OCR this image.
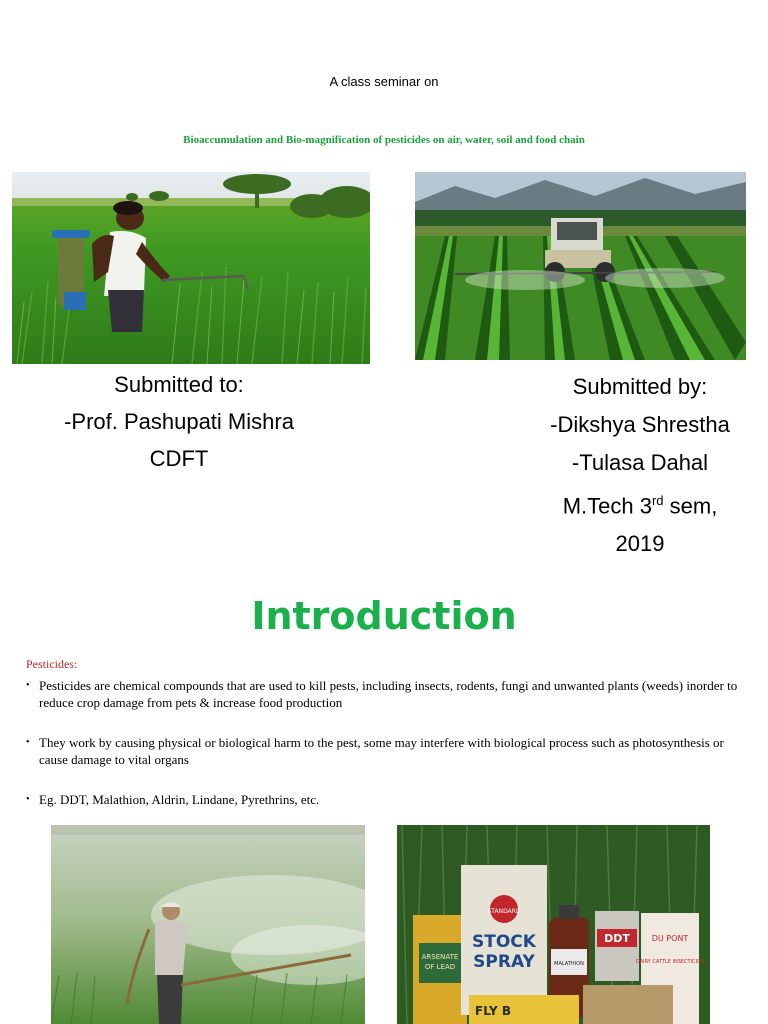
A class seminar on
Bioaccumulation and Bio-magnification of pesticides on air, water, soil and food chain
Submitted to:
-Prof. Pashupati Mishra
CDFT
Submitted by:
-Dikshya Shrestha
-Tulasa Dahal
M.Tech 3rd sem,
2019
Introduction
Pesticides:

• Pesticides are chemical compounds that are used to kill pests, including insects, rodents, fungi and unwanted plants (weeds) inorder to reduce crop damage from pets & increase food production

• They work by causing physical or biological harm to the pest, some may interfere with biological process such as photosynthesis or cause damage to vital organs

• Eg. DDT, Malathion, Aldrin, Lindane, Pyrethrins, etc.

ARSENATE
OF LEAD
STANDARD
STOCK
SPRAY	MALATHION
DDT	DU PONT
DAIRY CATTLE INSECTICIDE
FLY B
